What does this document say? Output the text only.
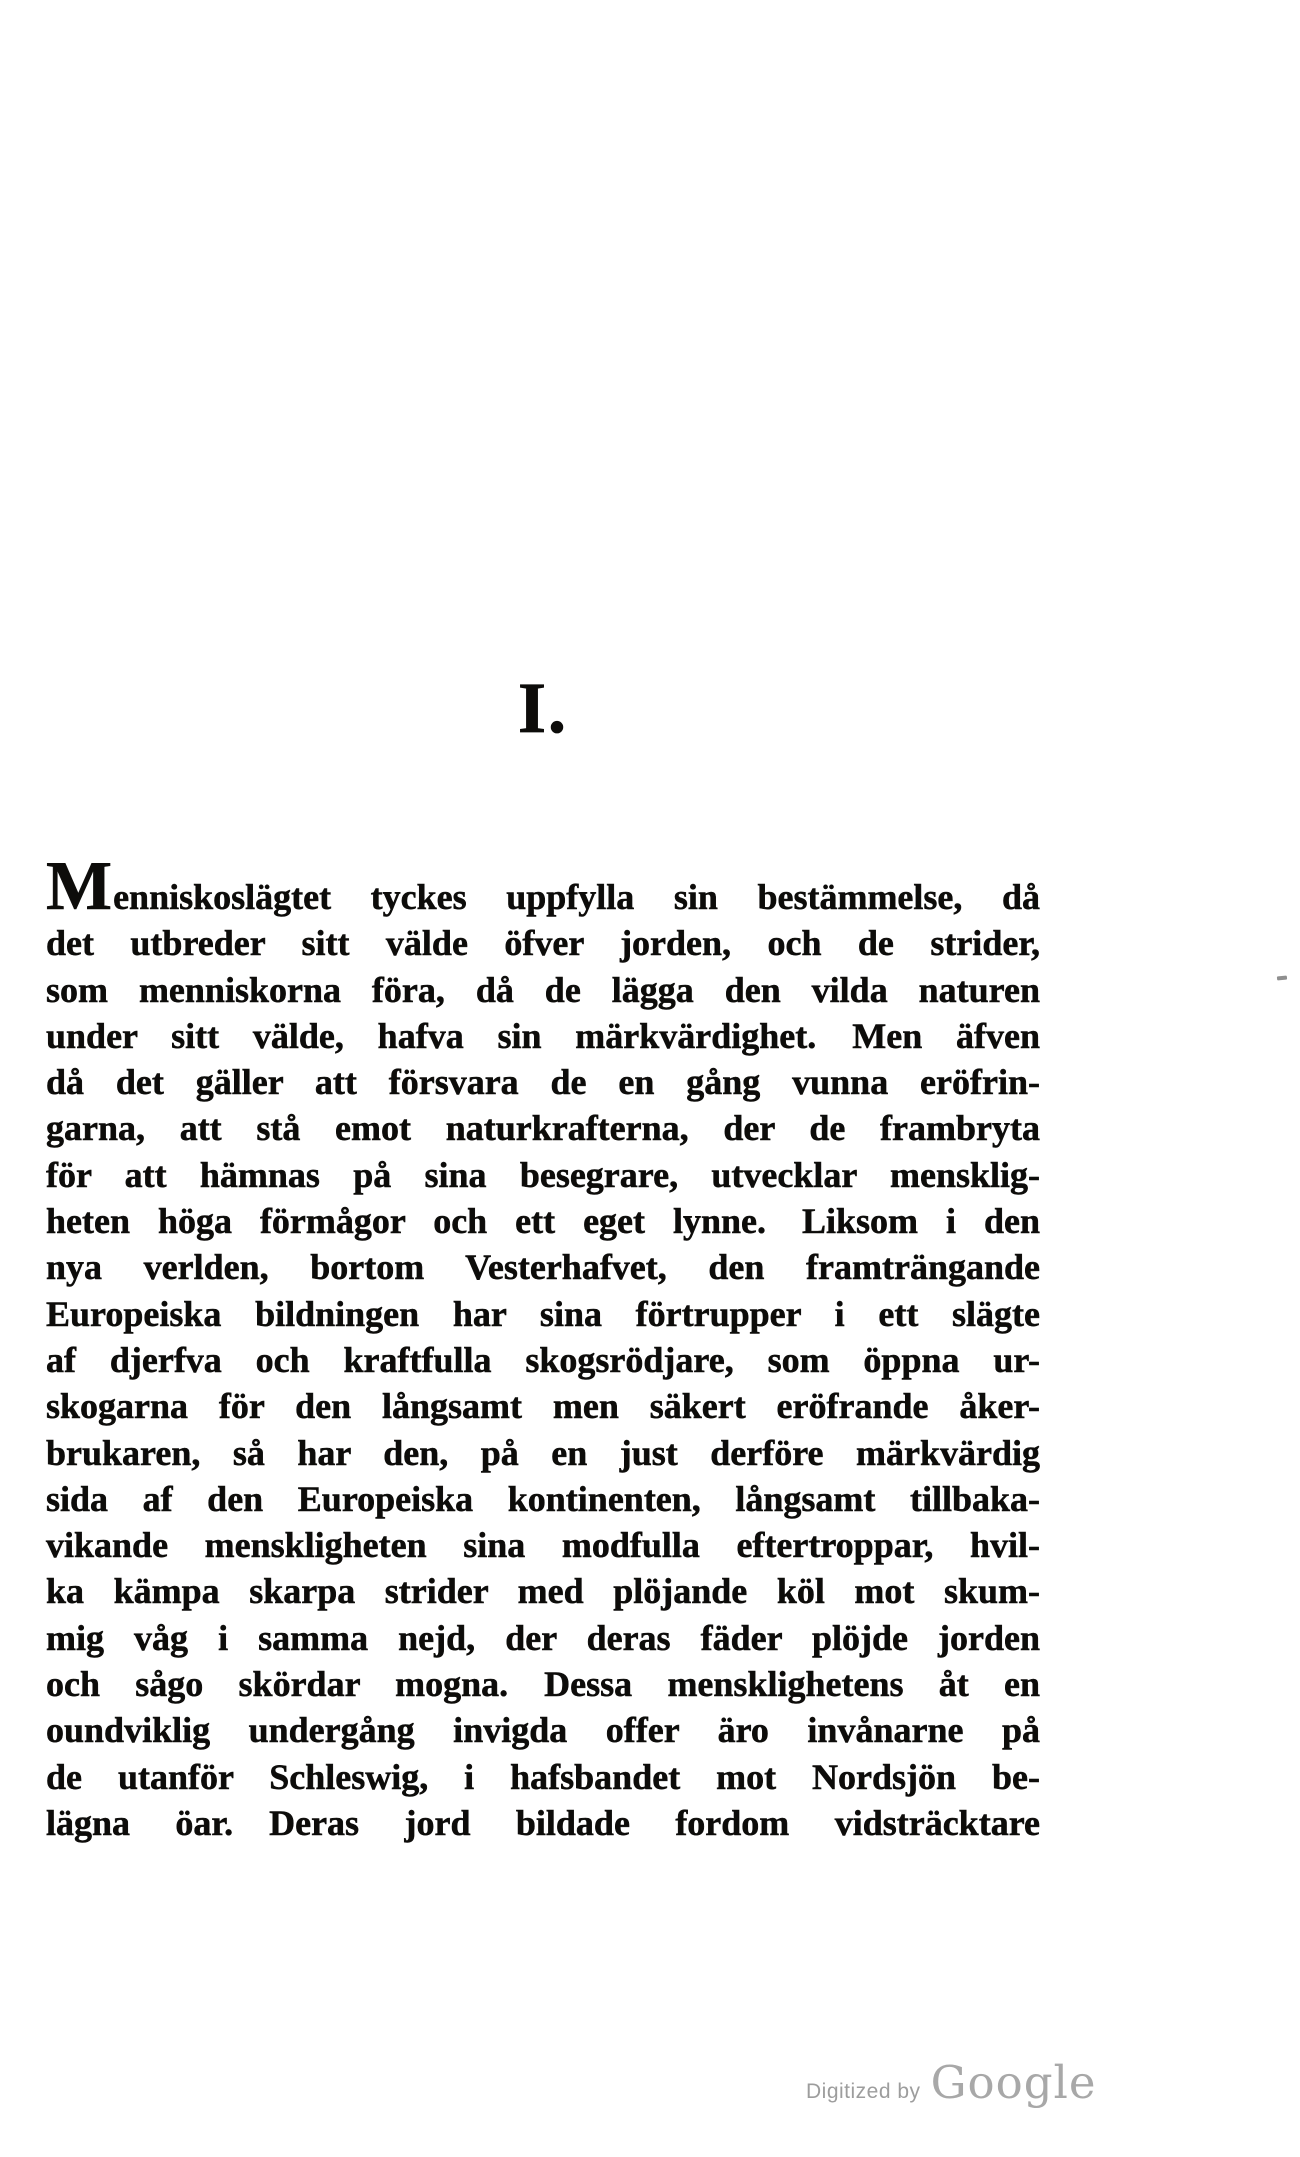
I.
Menniskoslägtet tyckes uppfylla sin bestämmelse, då
det utbreder sitt välde öfver jorden, och de strider,
som menniskorna föra, då de lägga den vilda naturen
under sitt välde, hafva sin märkvärdighet. Men äfven
då det gäller att försvara de en gång vunna eröfrin-
garna, att stå emot naturkrafterna, der de frambryta
för att hämnas på sina besegrare, utvecklar mensklig-
heten höga förmågor och ett eget lynne. Liksom i den
nya verlden, bortom Vesterhafvet, den framträngande
Europeiska bildningen har sina förtrupper i ett slägte
af djerfva och kraftfulla skogsrödjare, som öppna ur-
skogarna för den långsamt men säkert eröfrande åker-
brukaren, så har den, på en just derföre märkvärdig
sida af den Europeiska kontinenten, långsamt tillbaka-
vikande menskligheten sina modfulla eftertroppar, hvil-
ka kämpa skarpa strider med plöjande köl mot skum-
mig våg i samma nejd, der deras fäder plöjde jorden
och sågo skördar mogna. Dessa mensklighetens åt en
oundviklig undergång invigda offer äro invånarne på
de utanför Schleswig, i hafsbandet mot Nordsjön be-
lägna öar. Deras jord bildade fordom vidsträcktare
Digitized by Google
